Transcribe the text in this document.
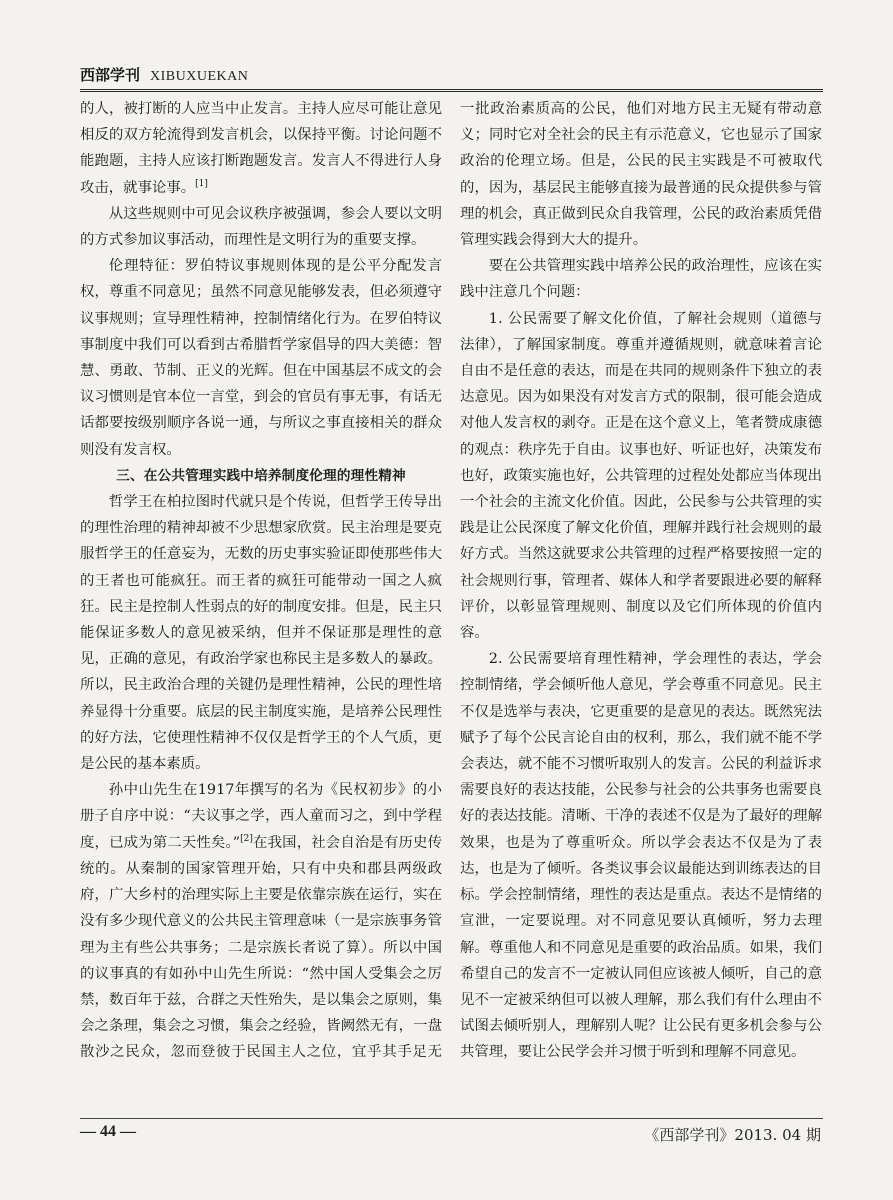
西部学刊 XIBUXUEKAN

的人，被打断的人应当中止发言。主持人应尽可能让意见相反的双方轮流得到发言机会，以保持平衡。讨论问题不能跑题，主持人应该打断跑题发言。发言人不得进行人身攻击，就事论事。[1]

从这些规则中可见会议秩序被强调，参会人要以文明的方式参加议事活动，而理性是文明行为的重要支撑。

伦理特征：罗伯特议事规则体现的是公平分配发言权，尊重不同意见；虽然不同意见能够发表，但必须遵守议事规则；宣导理性精神，控制情绪化行为。在罗伯特议事制度中我们可以看到古希腊哲学家倡导的四大美德：智慧、勇敢、节制、正义的光辉。但在中国基层不成文的会议习惯则是官本位一言堂，到会的官员有事无事，有话无话都要按级别顺序各说一通，与所议之事直接相关的群众则没有发言权。

三、在公共管理实践中培养制度伦理的理性精神

哲学王在柏拉图时代就只是个传说，但哲学王传导出的理性治理的精神却被不少思想家欣赏。民主治理是要克服哲学王的任意妄为，无数的历史事实验证即使那些伟大的王者也可能疯狂。而王者的疯狂可能带动一国之人疯狂。民主是控制人性弱点的好的制度安排。但是，民主只能保证多数人的意见被采纳，但并不保证那是理性的意见，正确的意见，有政治学家也称民主是多数人的暴政。所以，民主政治合理的关键仍是理性精神，公民的理性培养显得十分重要。底层的民主制度实施，是培养公民理性的好方法，它使理性精神不仅仅是哲学王的个人气质，更是公民的基本素质。

孙中山先生在1917年撰写的名为《民权初步》的小册子自序中说：“夫议事之学，西人童而习之，到中学程度，已成为第二天性矣。”[2]在我国，社会自治是有历史传统的。从秦制的国家管理开始，只有中央和郡县两级政府，广大乡村的治理实际上主要是依靠宗族在运行，实在没有多少现代意义的公共民主管理意味（一是宗族事务管理为主有些公共事务；二是宗族长者说了算）。所以中国的议事真的有如孙中山先生所说：“然中国人受集会之厉禁，数百年于兹，合群之天性殆失，是以集会之原则，集会之条理，集会之习惯，集会之经验，皆阙然无有，一盘散沙之民众，忽而登彼于民国主人之位，宜乎其手足无

一批政治素质高的公民，他们对地方民主无疑有带动意义；同时它对全社会的民主有示范意义，它也显示了国家政治的伦理立场。但是，公民的民主实践是不可被取代的，因为，基层民主能够直接为最普通的民众提供参与管理的机会，真正做到民众自我管理，公民的政治素质凭借管理实践会得到大大的提升。

要在公共管理实践中培养公民的政治理性，应该在实践中注意几个问题：

1. 公民需要了解文化价值，了解社会规则（道德与法律），了解国家制度。尊重并遵循规则，就意味着言论自由不是任意的表达，而是在共同的规则条件下独立的表达意见。因为如果没有对发言方式的限制，很可能会造成对他人发言权的剥夺。正是在这个意义上，笔者赞成康德的观点：秩序先于自由。议事也好、听证也好，决策发布也好，政策实施也好，公共管理的过程处处都应当体现出一个社会的主流文化价值。因此，公民参与公共管理的实践是让公民深度了解文化价值，理解并践行社会规则的最好方式。当然这就要求公共管理的过程严格要按照一定的社会规则行事，管理者、媒体人和学者要跟进必要的解释评价，以彰显管理规则、制度以及它们所体现的价值内容。

2. 公民需要培育理性精神，学会理性的表达，学会控制情绪，学会倾听他人意见，学会尊重不同意见。民主不仅是选举与表决，它更重要的是意见的表达。既然宪法赋予了每个公民言论自由的权利，那么，我们就不能不学会表达，就不能不习惯听取别人的发言。公民的利益诉求需要良好的表达技能，公民参与社会的公共事务也需要良好的表达技能。清晰、干净的表述不仅是为了最好的理解效果，也是为了尊重听众。所以学会表达不仅是为了表达，也是为了倾听。各类议事会议最能达到训练表达的目标。学会控制情绪，理性的表达是重点。表达不是情绪的宣泄，一定要说理。对不同意见要认真倾听，努力去理解。尊重他人和不同意见是重要的政治品质。如果，我们希望自己的发言不一定被认同但应该被人倾听，自己的意见不一定被采纳但可以被人理解，那么我们有什么理由不试图去倾听别人，理解别人呢？让公民有更多机会参与公共管理，要让公民学会并习惯于听到和理解不同意见。

— 44 —	《西部学刊》2013. 04 期
